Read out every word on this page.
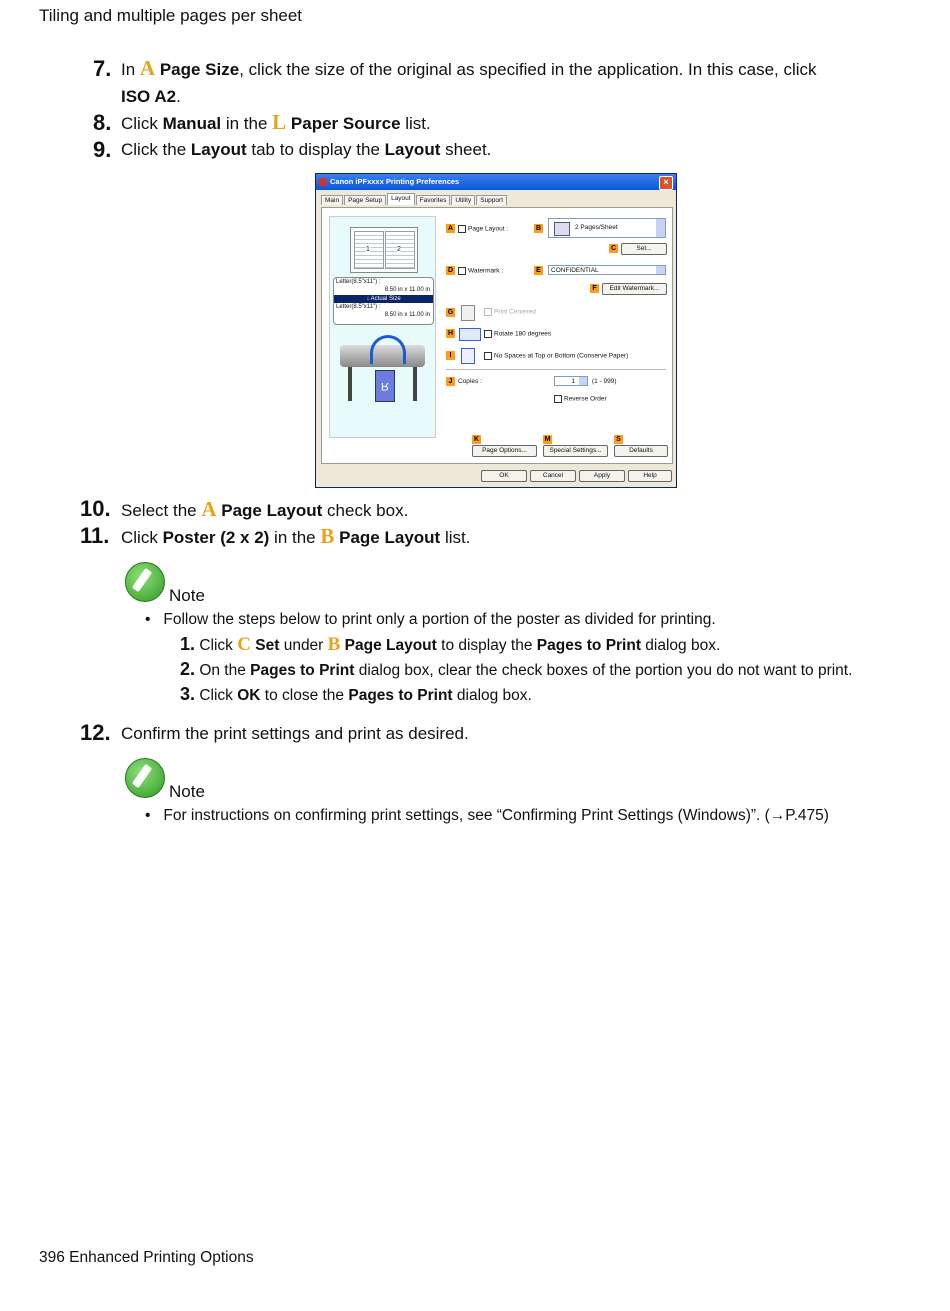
Tiling and multiple pages per sheet
7. In A Page Size, click the size of the original as specified in the application. In this case, click
ISO A2.
8. Click Manual in the L Paper Source list.
9. Click the Layout tab to display the Layout sheet.
Canon iPFxxxx Printing Preferences	×
Main Page Setup Layout Favorites Utility Support
1	2
Letter(8.5"x11") :
8.50 in x 11.00 in
↓ Actual Size
Letter(8.5"x11") :
8.50 in x 11.00 in
R
A	Page Layout :	B	2 Pages/Sheet
C	Set...
D	Watermark :	E	CONFIDENTIAL
F	Edit Watermark...
G	Print Centered
H	Rotate 180 degrees
I	No Spaces at Top or Bottom (Conserve Paper)
J Copies :	1	(1 - 999)
Reverse Order
K	M	S
Page Options...	Special Settings...	Defaults
OK	Cancel	Apply	Help
10. Select the A Page Layout check box.
11. Click Poster (2 x 2) in the B Page Layout list.
Note
•   Follow the steps below to print only a portion of the poster as divided for printing.
1. Click C Set under B Page Layout to display the Pages to Print dialog box.
2. On the Pages to Print dialog box, clear the check boxes of the portion you do not want to print.
3. Click OK to close the Pages to Print dialog box.
12. Confirm the print settings and print as desired.
Note
•   For instructions on confirming print settings, see “Confirming Print Settings (Windows)”. (→P.475)
396 Enhanced Printing Options
